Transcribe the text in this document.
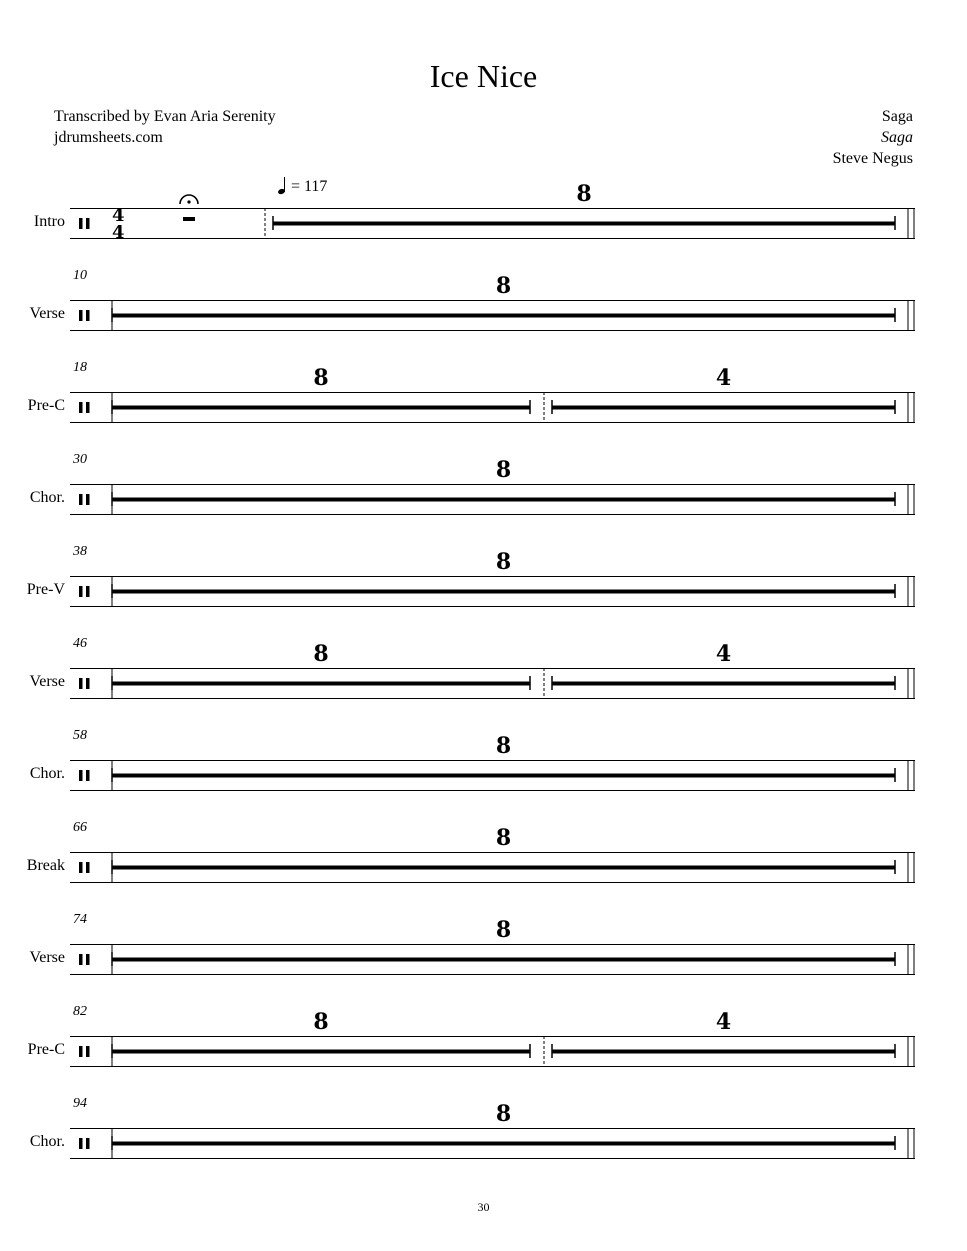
Ice Nice
Transcribed by Evan Aria Serenity
jdrumsheets.com
Saga
Saga
Steve Negus
= 117
Intro	4
4
8
10
Verse
8
18
Pre-C
8	4
30
Chor.
8
38
Pre-V
8
46
Verse
8	4
58
Chor.
8
66
Break
8
74
Verse
8
82
Pre-C
8	4
94
Chor.
8
30
